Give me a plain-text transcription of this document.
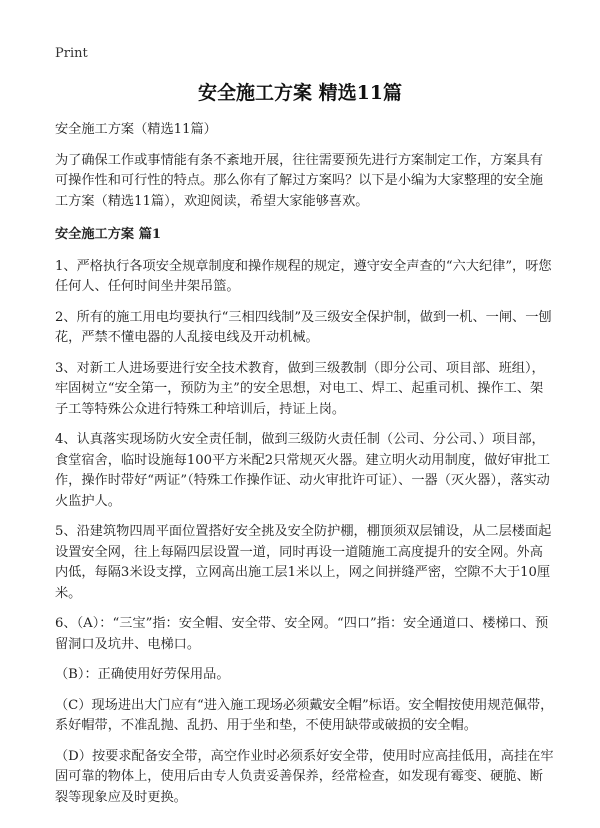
Print
安全施工方案 精选11篇

安全施工方案（精选11篇）

为了确保工作或事情能有条不紊地开展，往往需要预先进行方案制定工作，方案具有可操作性和可行性的特点。那么你有了解过方案吗？以下是小编为大家整理的安全施工方案（精选11篇），欢迎阅读，希望大家能够喜欢。

安全施工方案 篇1

1、严格执行各项安全规章制度和操作规程的规定，遵守安全声查的“六大纪律”，呀您任何人、任何时间坐井架吊篮。

2、所有的施工用电均要执行“三相四线制”及三级安全保护制，做到一机、一闸、一刨花，严禁不懂电器的人乱接电线及开动机械。

3、对新工人进场要进行安全技术教育，做到三级教制（即分公司、项目部、班组），牢固树立“安全第一，预防为主”的安全思想，对电工、焊工、起重司机、操作工、架子工等特殊公众进行特殊工种培训后，持证上岗。

4、认真落实现场防火安全责任制，做到三级防火责任制（公司、分公司、）项目部，食堂宿舍，临时设施每100平方米配2只常规灭火器。建立明火动用制度，做好审批工作，操作时带好“两证”（特殊工作操作证、动火审批许可证）、一器（灭火器），落实动火监护人。

5、沿建筑物四周平面位置搭好安全挑及安全防护棚，棚顶须双层铺设，从二层楼面起设置安全网，往上每隔四层设置一道，同时再设一道随施工高度提升的安全网。外高内低，每隔3米设支撑，立网高出施工层1米以上，网之间拼缝严密，空隙不大于10厘米。

6、（A）：“三宝”指：安全帽、安全带、安全网。“四口”指：安全通道口、楼梯口、预留洞口及坑井、电梯口。

（B）：正确使用好劳保用品。

（C）现场进出大门应有“进入施工现场必须戴安全帽”标语。安全帽按使用规范佩带，系好帽带，不准乱抛、乱扔、用于坐和垫，不使用缺带或破损的安全帽。

（D）按要求配备安全带，高空作业时必须系好安全带，使用时应高挂低用，高挂在牢固可靠的物体上，使用后由专人负责妥善保养，经常检查，如发现有霉变、硬脆、断裂等现象应及时更换。
